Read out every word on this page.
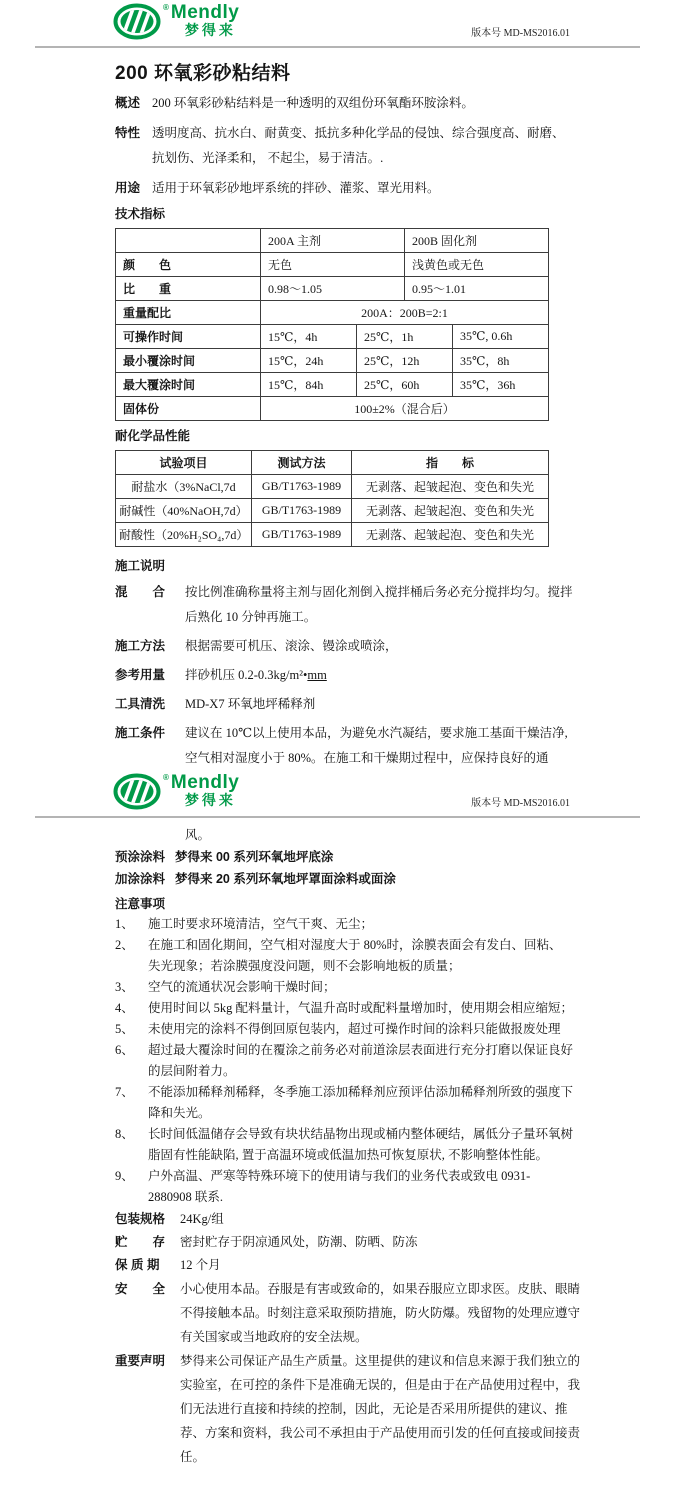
® Mendly
梦得来	版本号 MD-MS2016.01
200 环氧彩砂粘结料
概述 200 环氧彩砂粘结料是一种透明的双组份环氧酯环胺涂料。
特性 透明度高、抗水白、耐黄变、抵抗多种化学品的侵蚀、综合强度高、耐磨、抗划伤、光泽柔和， 不起尘，易于清洁。.
用途 适用于环氧彩砂地坪系统的拌砂、灌浆、罩光用料。
技术指标
	200A 主剂		200B 固化剂	
颜　　色	无色		浅黄色或无色	
比　　重	0.98～1.05		0.95～1.01	
重量配比	200A：200B=2:1			
可操作时间	15℃，4h	25℃，1h		35℃, 0.6h
最小覆涂时间	15℃，24h	25℃，12h		35℃，8h
最大覆涂时间	15℃，84h	25℃，60h		35℃，36h
固体份	100±2%（混合后）			
耐化学品性能
试验项目	测试方法	指　　标
耐盐水（3%NaCl,7d	GB/T1763-1989	无剥落、起皱起泡、变色和失光
耐碱性（40%NaOH,7d）	GB/T1763-1989	无剥落、起皱起泡、变色和失光
耐酸性（20%H₂SO₄,7d）	GB/T1763-1989	无剥落、起皱起泡、变色和失光
施工说明
混　　合	按比例准确称量将主剂与固化剂倒入搅拌桶后务必充分搅拌均匀。搅拌后熟化 10 分钟再施工。
施工方法	根据需要可机压、滚涂、镘涂或喷涂，
参考用量	拌砂机压 0.2-0.3kg/m²•mm
工具清洗	MD-X7 环氧地坪稀释剂
施工条件	建议在 10℃以上使用本品，为避免水汽凝结，要求施工基面干燥洁净,空气相对湿度小于 80%。在施工和干燥期过程中，应保持良好的通
® Mendly
梦得来	版本号 MD-MS2016.01
风。
预涂涂料 梦得来 00 系列环氧地坪底涂
加涂涂料 梦得来 20 系列环氧地坪罩面涂料或面涂
注意事项
1、	施工时要求环境清洁，空气干爽、无尘；
2、	在施工和固化期间，空气相对湿度大于 80%时，涂膜表面会有发白、回粘、失光现象；若涂膜强度没问题，则不会影响地板的质量；
3、	空气的流通状况会影响干燥时间；
4、	使用时间以 5kg 配料量计，气温升高时或配料量增加时，使用期会相应缩短；
5、	未使用完的涂料不得倒回原包装内，超过可操作时间的涂料只能做报废处理
6、	超过最大覆涂时间的在覆涂之前务必对前道涂层表面进行充分打磨以保证良好的层间附着力。
7、	不能添加稀释剂稀释，冬季施工添加稀释剂应预评估添加稀释剂所致的强度下降和失光。
8、	长时间低温储存会导致有块状结晶物出现或桶内整体硬结，属低分子量环氧树脂固有性能缺陷, 置于高温环境或低温加热可恢复原状, 不影响整体性能。
9、	户外高温、严寒等特殊环境下的使用请与我们的业务代表或致电 0931-2880908 联系.
包装规格	24Kg/组
贮　　存	密封贮存于阴凉通风处，防潮、防晒、防冻
保 质 期	12 个月
安　　全	小心使用本品。吞服是有害或致命的，如果吞服应立即求医。皮肤、眼睛不得接触本品。时刻注意采取预防措施，防火防爆。残留物的处理应遵守有关国家或当地政府的安全法规。
重要声明	梦得来公司保证产品生产质量。这里提供的建议和信息来源于我们独立的实验室，在可控的条件下是准确无误的，但是由于在产品使用过程中，我们无法进行直接和持续的控制，因此，无论是否采用所提供的建议、推荐、方案和资料，我公司不承担由于产品使用而引发的任何直接或间接责任。
